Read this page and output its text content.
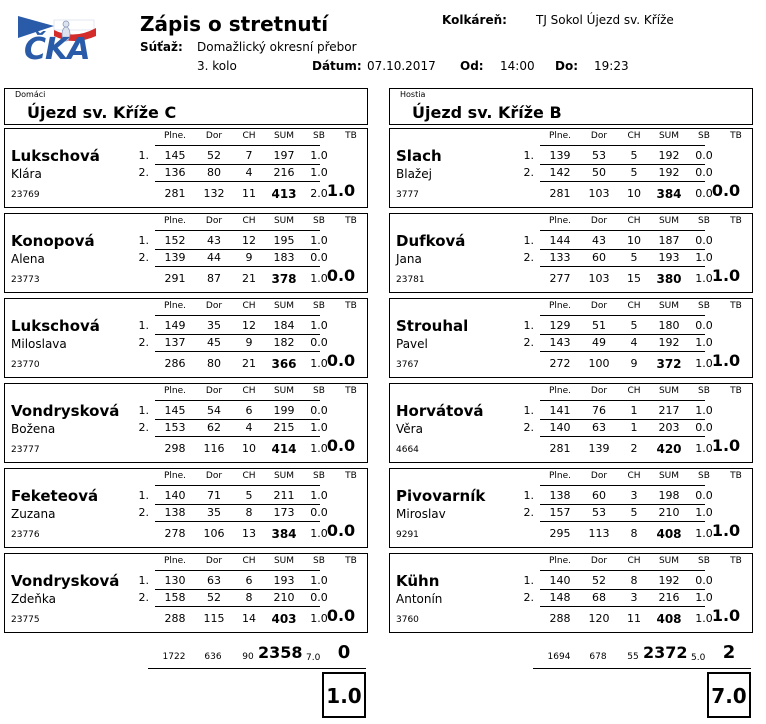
ČKA
Zápis o stretnutí	Kolkáreň: TJ Sokol Újezd sv. Kříže
Súťaž: Domažlický okresní přebor
3. kolo	Dátum: 07.10.2017 Od: 14:00 Do: 19:23
Domáci
Újezd sv. Kříže C
Hostia
Újezd sv. Kříže B
Lukschová
Klára
23769
Plne.	Dor	CH	SUM	SB	TB
1.	145	52	7	197	1.0
2.	136	80	4	216	1.0
281	132	11	413	2.0 1.0
Konopová
Alena
23773
Plne.	Dor	CH	SUM	SB	TB
1.	152	43	12	195	1.0
2.	139	44	9	183	0.0
291	87	21	378	1.0 0.0
Lukschová
Miloslava
23770
Plne.	Dor	CH	SUM	SB	TB
1.	149	35	12	184	1.0
2.	137	45	9	182	0.0
286	80	21	366	1.0 0.0
Vondrysková
Božena
23777
Plne.	Dor	CH	SUM	SB	TB
1.	145	54	6	199	0.0
2.	153	62	4	215	1.0
298	116	10	414	1.0 0.0
Feketeová
Zuzana
23776
Plne.	Dor	CH	SUM	SB	TB
1.	140	71	5	211	1.0
2.	138	35	8	173	0.0
278	106	13	384	1.0 0.0
Vondrysková
Zdeňka
23775
Plne.	Dor	CH	SUM	SB	TB
1.	130	63	6	193	1.0
2.	158	52	8	210	0.0
288	115	14	403	1.0 0.0
Slach
Blažej
3777
Plne.	Dor	CH	SUM	SB	TB
1.	139	53	5	192	0.0
2.	142	50	5	192	0.0
281	103	10	384	0.0 0.0
Dufková
Jana
23781
Plne.	Dor	CH	SUM	SB	TB
1.	144	43	10	187	0.0
2.	133	60	5	193	1.0
277	103	15	380	1.0 1.0
Strouhal
Pavel
3767
Plne.	Dor	CH	SUM	SB	TB
1.	129	51	5	180	0.0
2.	143	49	4	192	1.0
272	100	9	372	1.0 1.0
Horvátová
Věra
4664
Plne.	Dor	CH	SUM	SB	TB
1.	141	76	1	217	1.0
2.	140	63	1	203	0.0
281	139	2	420	1.0 1.0
Pivovarník
Miroslav
9291
Plne.	Dor	CH	SUM	SB	TB
1.	138	60	3	198	0.0
2.	157	53	5	210	1.0
295	113	8	408	1.0 1.0
Kühn
Antonín
3760
Plne.	Dor	CH	SUM	SB	TB
1.	140	52	8	192	0.0
2.	148	68	3	216	1.0
288	120	11	408	1.0 1.0
1722	636	90 2358 7.0 0
1.0
1694	678	55 2372 5.0 2
7.0
